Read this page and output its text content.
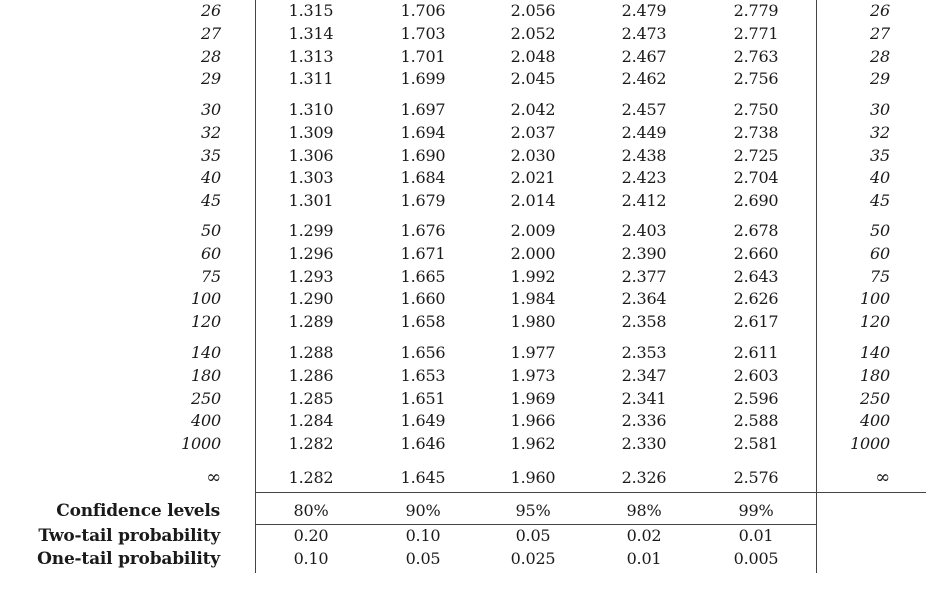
26	1.315	1.706	2.056	2.479	2.779	26
27	1.314	1.703	2.052	2.473	2.771	27
28	1.313	1.701	2.048	2.467	2.763	28
29	1.311	1.699	2.045	2.462	2.756	29
30	1.310	1.697	2.042	2.457	2.750	30
32	1.309	1.694	2.037	2.449	2.738	32
35	1.306	1.690	2.030	2.438	2.725	35
40	1.303	1.684	2.021	2.423	2.704	40
45	1.301	1.679	2.014	2.412	2.690	45
50	1.299	1.676	2.009	2.403	2.678	50
60	1.296	1.671	2.000	2.390	2.660	60
75	1.293	1.665	1.992	2.377	2.643	75
100	1.290	1.660	1.984	2.364	2.626	100
120	1.289	1.658	1.980	2.358	2.617	120
140	1.288	1.656	1.977	2.353	2.611	140
180	1.286	1.653	1.973	2.347	2.603	180
250	1.285	1.651	1.969	2.341	2.596	250
400	1.284	1.649	1.966	2.336	2.588	400
1000	1.282	1.646	1.962	2.330	2.581	1000
∞	1.282	1.645	1.960	2.326	2.576	∞
Confidence levels	80%	90%	95%	98%	99%
Two-tail probability	0.20	0.10	0.05	0.02	0.01
One-tail probability	0.10	0.05	0.025	0.01	0.005
